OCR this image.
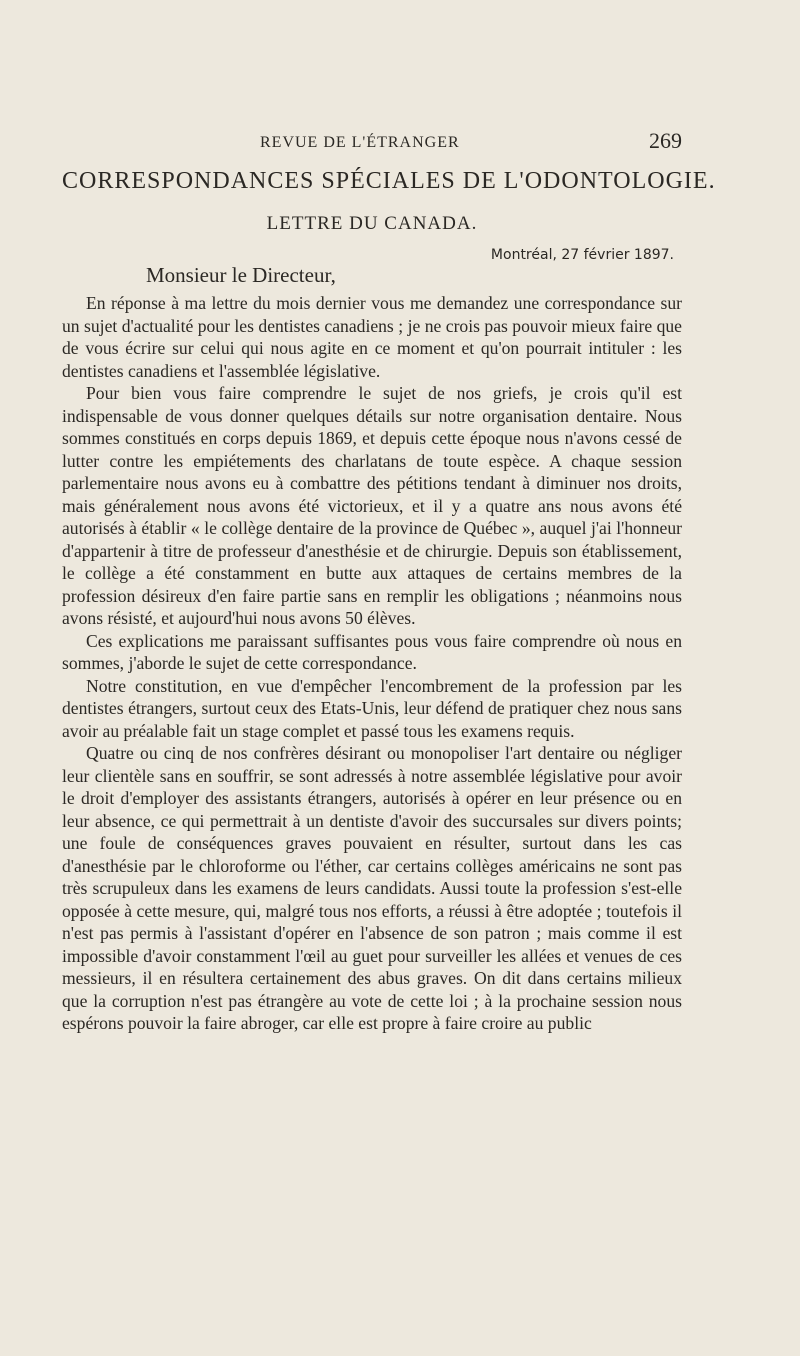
REVUE DE L'ÉTRANGER	269
CORRESPONDANCES SPÉCIALES DE L'ODONTOLOGIE.
LETTRE DU CANADA.
Montréal, 27 février 1897.
Monsieur le Directeur,

En réponse à ma lettre du mois dernier vous me demandez une correspondance sur un sujet d'actualité pour les dentistes canadiens ; je ne crois pas pouvoir mieux faire que de vous écrire sur celui qui nous agite en ce moment et qu'on pourrait intituler : les dentistes canadiens et l'assemblée législative.

Pour bien vous faire comprendre le sujet de nos griefs, je crois qu'il est indispensable de vous donner quelques détails sur notre organisation dentaire. Nous sommes constitués en corps depuis 1869, et depuis cette époque nous n'avons cessé de lutter contre les empiétements des charlatans de toute espèce. A chaque session parlementaire nous avons eu à combattre des pétitions tendant à diminuer nos droits, mais généralement nous avons été victorieux, et il y a quatre ans nous avons été autorisés à établir « le collège dentaire de la province de Québec », auquel j'ai l'honneur d'appartenir à titre de professeur d'anesthésie et de chirurgie. Depuis son établissement, le collège a été constamment en butte aux attaques de certains membres de la profession désireux d'en faire partie sans en remplir les obligations ; néanmoins nous avons résisté, et aujourd'hui nous avons 50 élèves.

Ces explications me paraissant suffisantes pous vous faire comprendre où nous en sommes, j'aborde le sujet de cette correspondance.

Notre constitution, en vue d'empêcher l'encombrement de la profession par les dentistes étrangers, surtout ceux des Etats-Unis, leur défend de pratiquer chez nous sans avoir au préalable fait un stage complet et passé tous les examens requis.

Quatre ou cinq de nos confrères désirant ou monopoliser l'art dentaire ou négliger leur clientèle sans en souffrir, se sont adressés à notre assemblée législative pour avoir le droit d'employer des assistants étrangers, autorisés à opérer en leur présence ou en leur absence, ce qui permettrait à un dentiste d'avoir des succursales sur divers points; une foule de conséquences graves pouvaient en résulter, surtout dans les cas d'anesthésie par le chloroforme ou l'éther, car certains collèges américains ne sont pas très scrupuleux dans les examens de leurs candidats. Aussi toute la profession s'est-elle opposée à cette mesure, qui, malgré tous nos efforts, a réussi à être adoptée ; toutefois il n'est pas permis à l'assistant d'opérer en l'absence de son patron ; mais comme il est impossible d'avoir constamment l'œil au guet pour surveiller les allées et venues de ces messieurs, il en résultera certainement des abus graves. On dit dans certains milieux que la corruption n'est pas étrangère au vote de cette loi ; à la prochaine session nous espérons pouvoir la faire abroger, car elle est propre à faire croire au public
